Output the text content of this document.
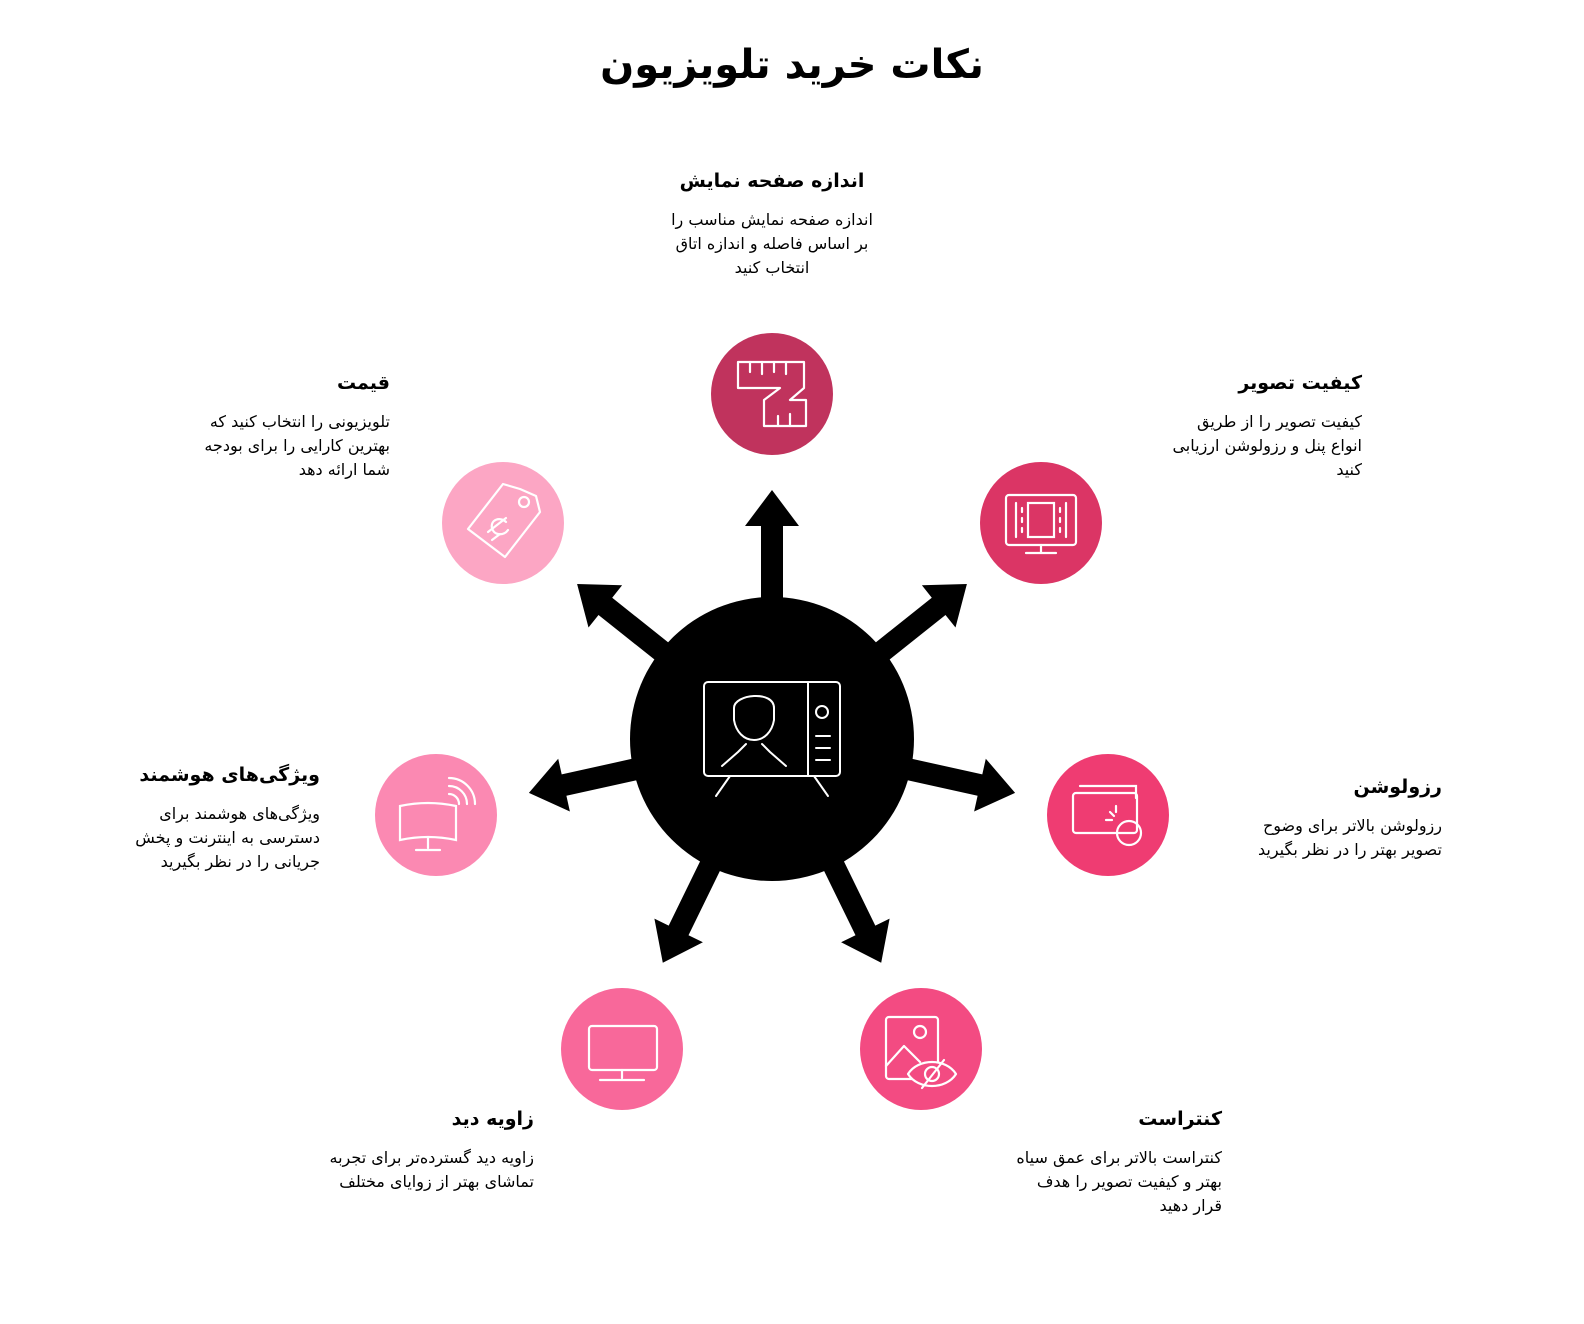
نکات خرید تلویزیون
اندازه صفحه نمایش

اندازه صفحه نمایش مناسب را
بر اساس فاصله و اندازه اتاق
انتخاب کنید

کیفیت تصویر

کیفیت تصویر را از طریق
انواع پنل و رزولوشن ارزیابی
کنید

رزولوشن

رزولوشن بالاتر برای وضوح
تصویر بهتر را در نظر بگیرید

کنتراست

کنتراست بالاتر برای عمق سیاه
بهتر و کیفیت تصویر را هدف
قرار دهید

زاویه دید

زاویه دید گسترده‌تر برای تجربه
تماشای بهتر از زوایای مختلف

ویژگی‌های هوشمند

ویژگی‌های هوشمند برای
دسترسی به اینترنت و پخش
جریانی را در نظر بگیرید

قیمت

تلویزیونی را انتخاب کنید که
بهترین کارایی را برای بودجه
شما ارائه دهد
